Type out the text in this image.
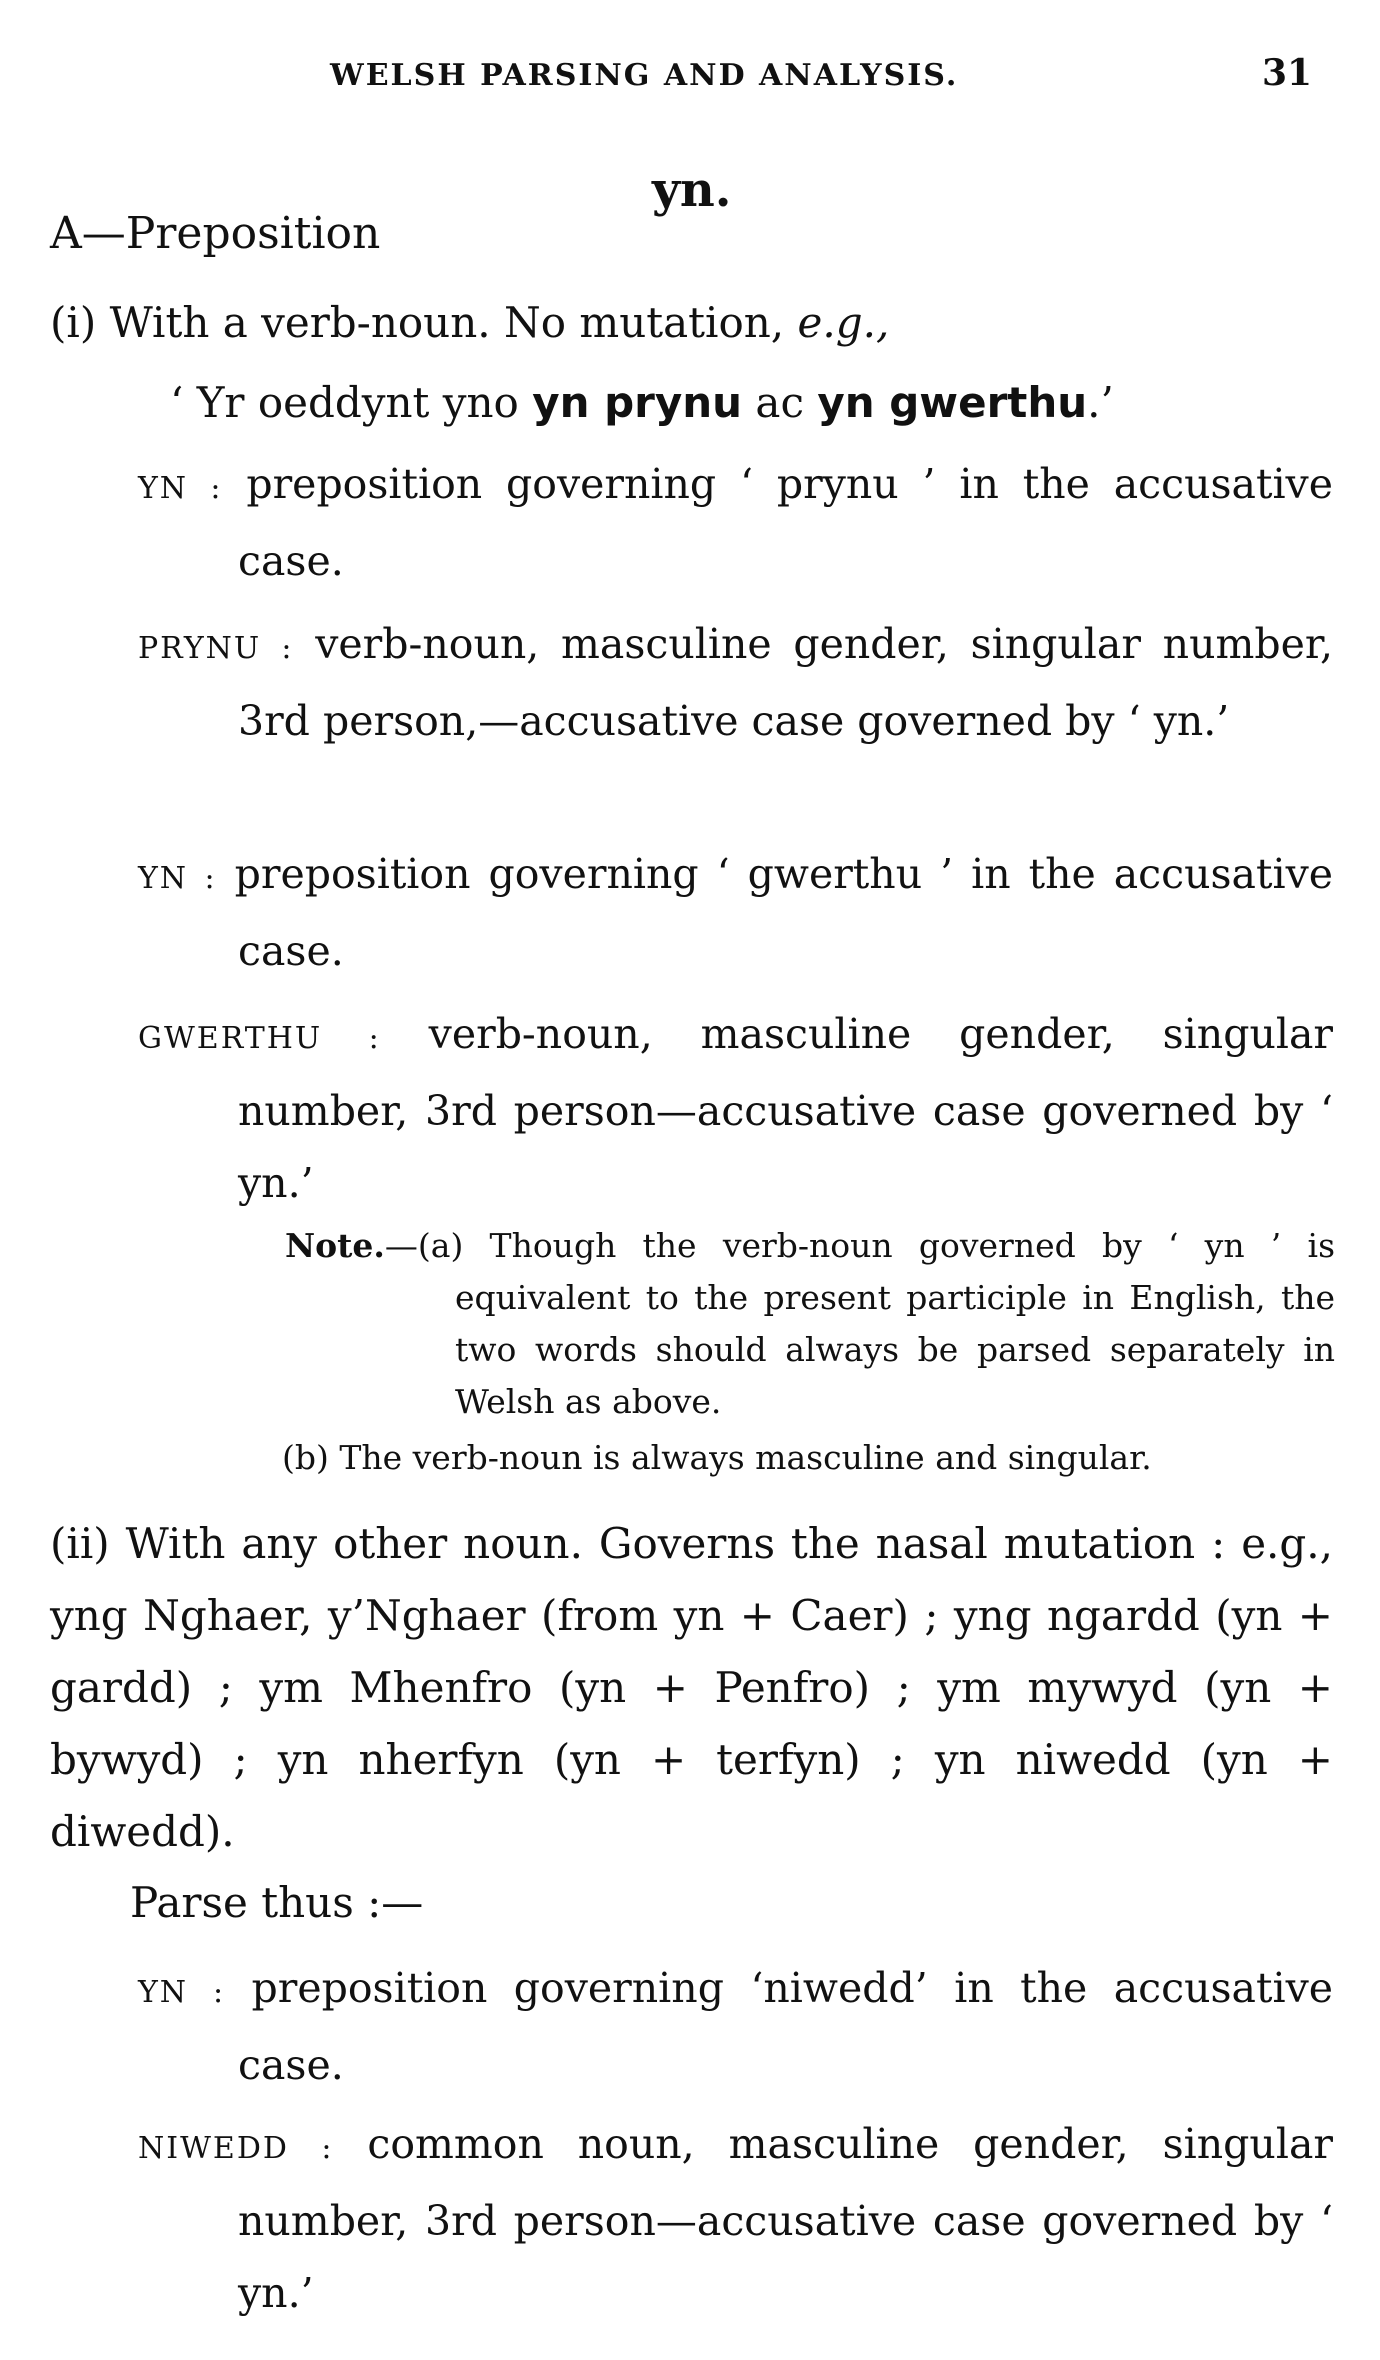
WELSH PARSING AND ANALYSIS.	31
yn.
A—Preposition
(i) With a verb-noun. No mutation, e.g.,
‘ Yr oeddynt yno yn prynu ac yn gwerthu.’
YN : preposition governing ‘ prynu ’ in the accusative case.
PRYNU : verb-noun, masculine gender, singular number, 3rd person,—accusative case governed by ‘ yn.’
YN : preposition governing ‘ gwerthu ’ in the accusative case.
GWERTHU : verb-noun, masculine gender, singular number, 3rd person—accusative case governed by ‘ yn.’
Note.—(a) Though the verb-noun governed by ‘ yn ’ is equivalent to the present participle in English, the two words should always be parsed separately in Welsh as above.
(b) The verb-noun is always masculine and singular.
(ii) With any other noun. Governs the nasal mutation : e.g., yng Nghaer, y’Nghaer (from yn + Caer) ; yng ngardd (yn + gardd) ; ym Mhenfro (yn + Penfro) ; ym mywyd (yn + bywyd) ; yn nherfyn (yn + terfyn) ; yn niwedd (yn + diwedd).
Parse thus :—
YN : preposition governing ‘niwedd’ in the accusative case.
NIWEDD : common noun, masculine gender, singular number, 3rd person—accusative case governed by ‘ yn.’
